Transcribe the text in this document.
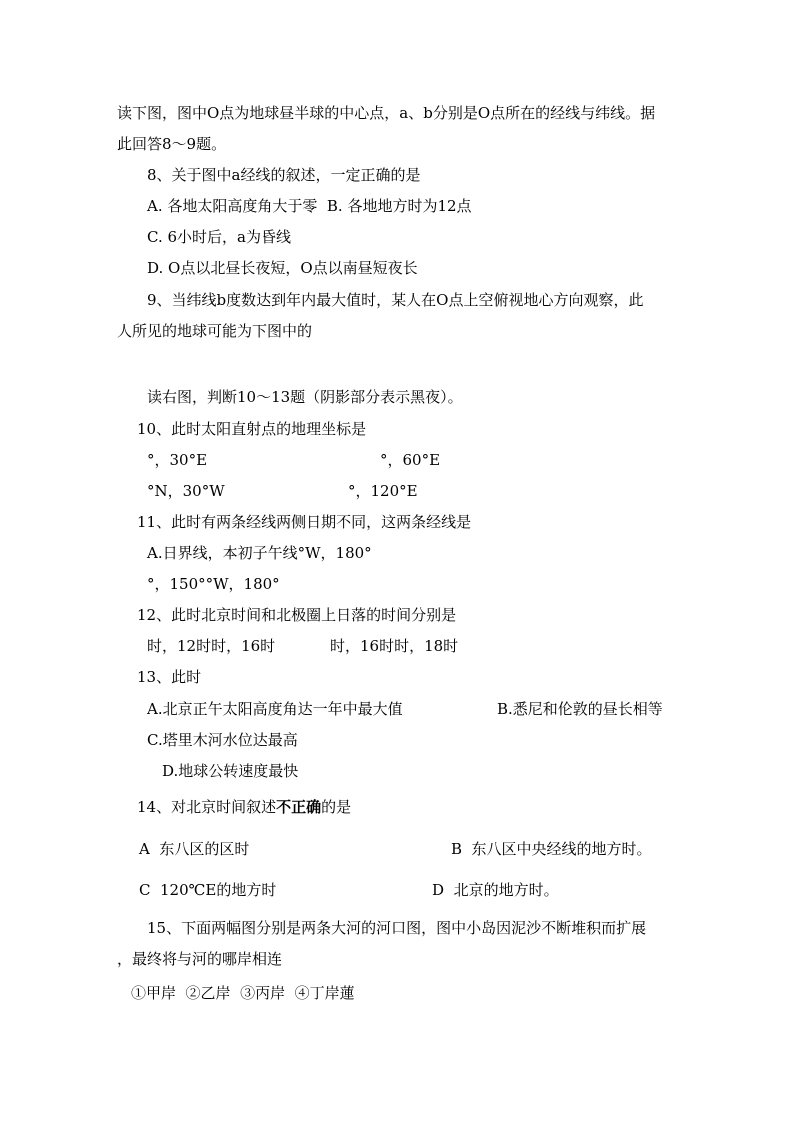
读下图，图中O点为地球昼半球的中心点，a、b分别是O点所在的经线与纬线。据
此回答8～9题。
8、关于图中a经线的叙述，一定正确的是
A. 各地太阳高度角大于零  B. 各地地方时为12点
C. 6小时后，a为昏线
D. O点以北昼长夜短，O点以南昼短夜长
9、当纬线b度数达到年内最大值时，某人在O点上空俯视地心方向观察，此
人所见的地球可能为下图中的
读右图，判断10～13题（阴影部分表示黑夜）。
10、此时太阳直射点的地理坐标是
°，30°E	°，60°E
°N，30°W	°，120°E
11、此时有两条经线两侧日期不同，这两条经线是
A.日界线，本初子午线°W，180°
°，150°°W，180°
12、此时北京时间和北极圈上日落的时间分别是
时，12时时，16时	时，16时时，18时
13、此时
A.北京正午太阳高度角达一年中最大值	B.悉尼和伦敦的昼长相等
C.塔里木河水位达最高
D.地球公转速度最快
14、对北京时间叙述不正确的是
A  东八区的区时	B  东八区中央经线的地方时。
C  120℃E的地方时	D  北京的地方时。
15、下面两幅图分别是两条大河的河口图，图中小岛因泥沙不断堆积而扩展
，最终将与河的哪岸相连
①甲岸  ②乙岸  ③丙岸  ④丁岸蓮
